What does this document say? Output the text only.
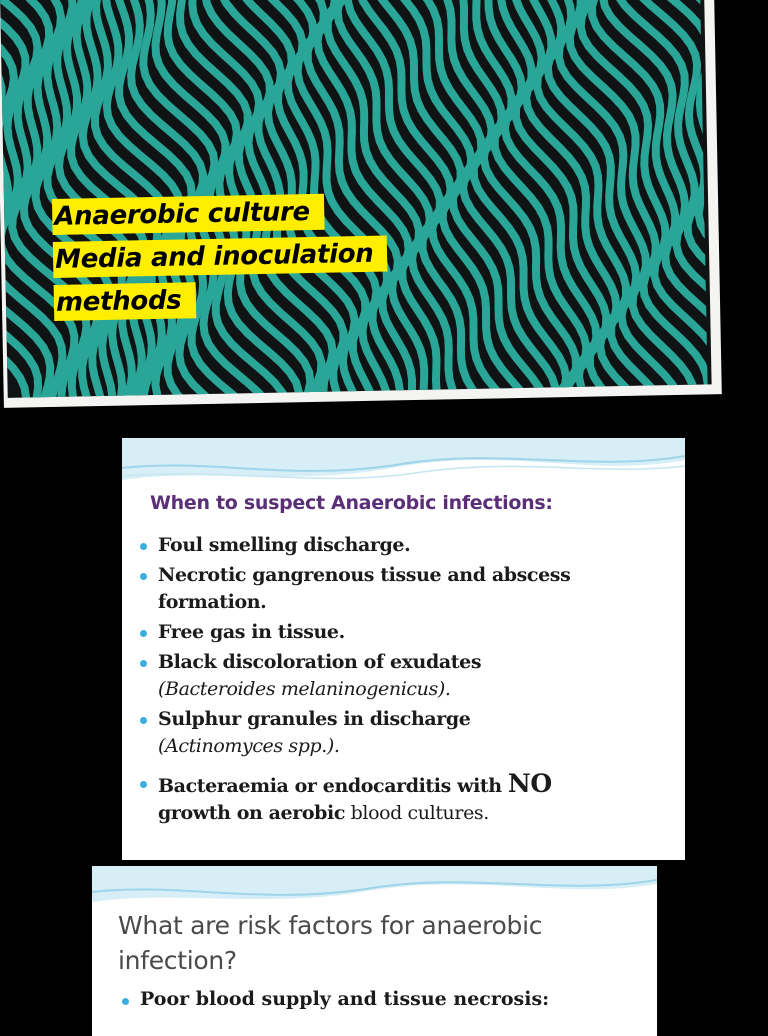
Anaerobic culture
Media and inoculation
methods
When to suspect Anaerobic infections:
Foul smelling discharge.
Necrotic gangrenous tissue and abscess formation.
Free gas in tissue.
Black discoloration of exudates
(Bacteroides melaninogenicus).
Sulphur granules in discharge
(Actinomyces spp.).
Bacteraemia or endocarditis with NO
growth on aerobic blood cultures.
What are risk factors for anaerobic infection?
Poor blood supply and tissue necrosis:
